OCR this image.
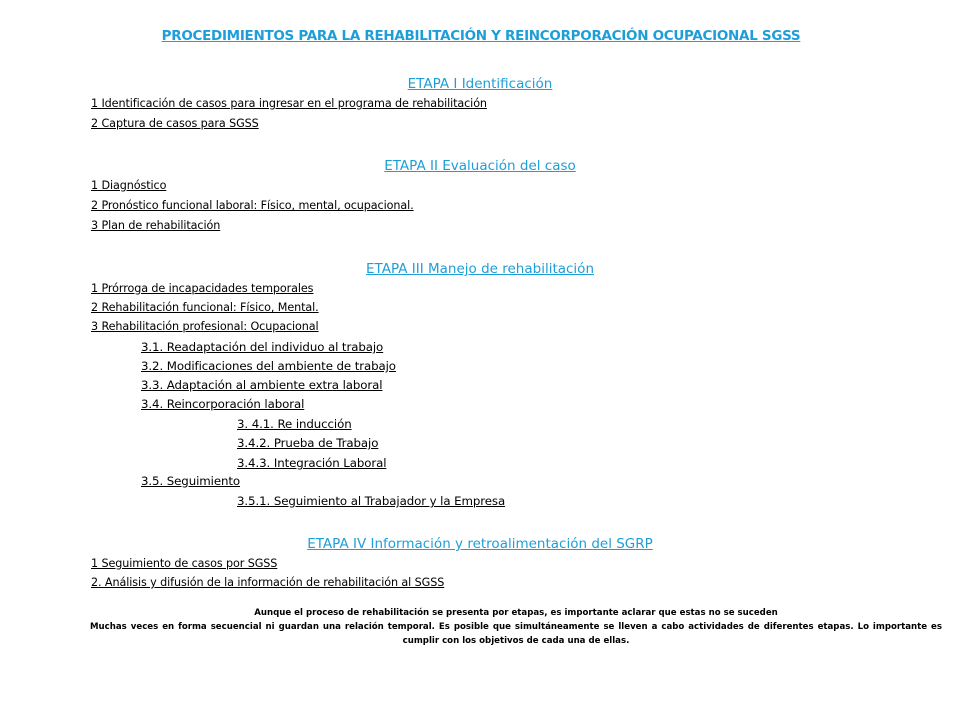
PROCEDIMIENTOS PARA LA REHABILITACIÓN Y REINCORPORACIÓN OCUPACIONAL SGSS
ETAPA I Identificación
1 Identificación de casos para ingresar en el programa de rehabilitación
2 Captura de casos para SGSS
ETAPA II Evaluación del caso
1 Diagnóstico
2 Pronóstico funcional laboral: Físico, mental, ocupacional.
3 Plan de rehabilitación
ETAPA III Manejo de rehabilitación
1 Prórroga de incapacidades temporales
2 Rehabilitación funcional: Físico, Mental.
3 Rehabilitación profesional: Ocupacional
3.1. Readaptación del individuo al trabajo
3.2. Modificaciones del ambiente de trabajo
3.3. Adaptación al ambiente extra laboral
3.4. Reincorporación laboral
3. 4.1. Re inducción
3.4.2. Prueba de Trabajo
3.4.3. Integración Laboral
3.5. Seguimiento
3.5.1. Seguimiento al Trabajador y la Empresa
ETAPA IV Información y retroalimentación del SGRP
1 Seguimiento de casos por SGSS
2. Análisis y difusión de la información de rehabilitación al SGSS
Aunque el proceso de rehabilitación se presenta por etapas, es importante aclarar que estas no se suceden
Muchas veces en forma secuencial ni guardan una relación temporal. Es posible que simultáneamente se lleven a cabo actividades de diferentes etapas. Lo importante es cumplir con los objetivos de cada una de ellas.
